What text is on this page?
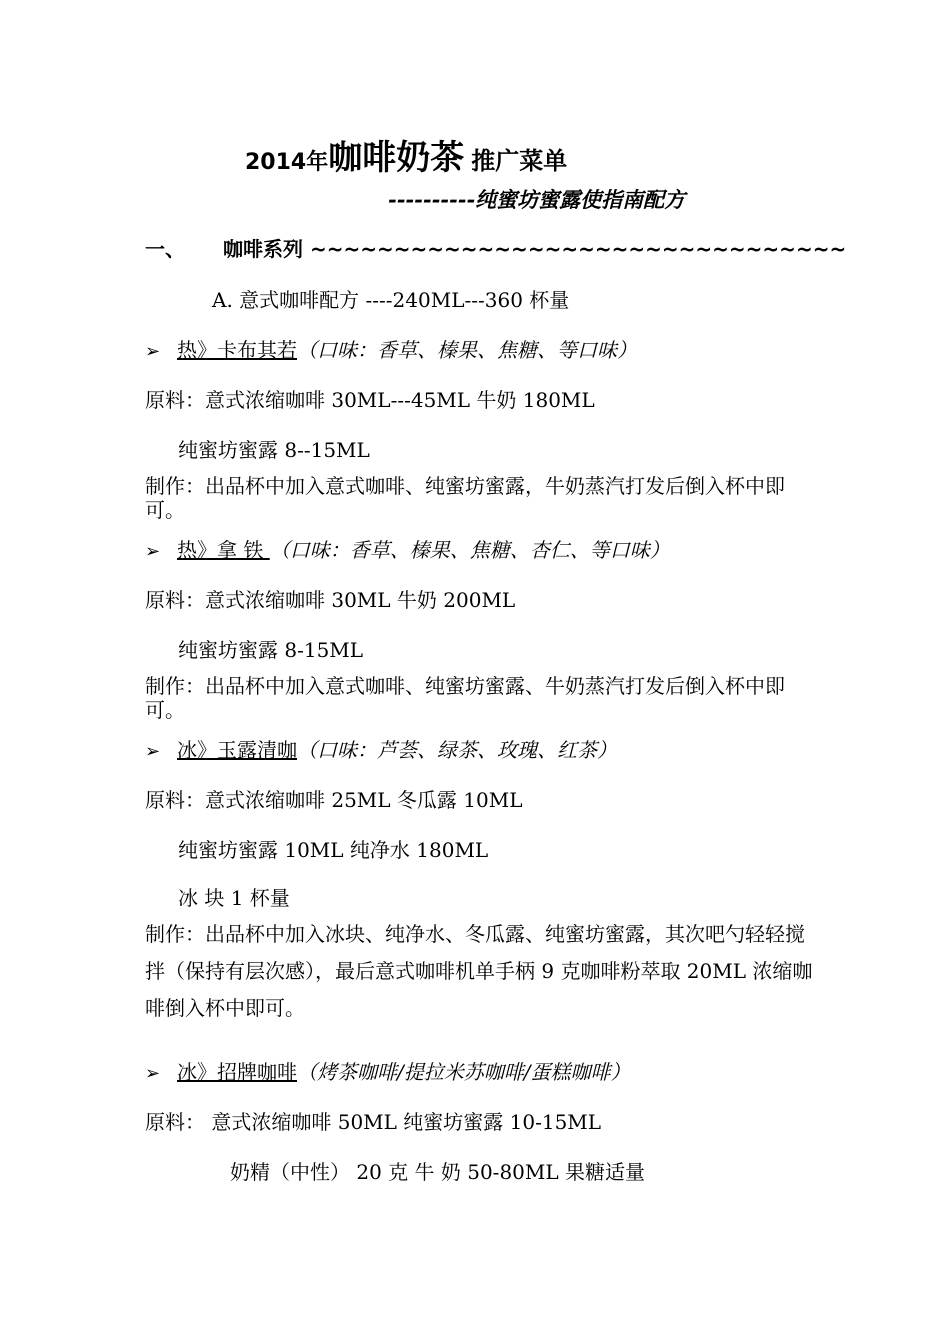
2014年咖啡奶茶 推广菜单
----------纯蜜坊蜜露使指南配方
一、 咖啡系列 ~~~~~~~~~~~~~~~~~~~~~~~~~~~~~~~~
A. 意式咖啡配方 ----240ML---360 杯量
➢ 热》卡布其若（口味：香草、榛果、焦糖、等口味）
原料：意式浓缩咖啡 30ML---45ML 牛奶 180ML
纯蜜坊蜜露 8--15ML
制作：出品杯中加入意式咖啡、纯蜜坊蜜露，牛奶蒸汽打发后倒入杯中即可。
➢ 热》拿 铁 （口味：香草、榛果、焦糖、杏仁、等口味）
原料：意式浓缩咖啡 30ML 牛奶 200ML
纯蜜坊蜜露 8-15ML
制作：出品杯中加入意式咖啡、纯蜜坊蜜露、牛奶蒸汽打发后倒入杯中即可。
➢ 冰》玉露清咖（口味：芦荟、绿茶、玫瑰、红茶）
原料：意式浓缩咖啡 25ML 冬瓜露 10ML
纯蜜坊蜜露 10ML 纯净水 180ML
冰 块 1 杯量
制作：出品杯中加入冰块、纯净水、冬瓜露、纯蜜坊蜜露，其次吧勺轻轻搅拌（保持有层次感），最后意式咖啡机单手柄 9 克咖啡粉萃取 20ML 浓缩咖啡倒入杯中即可。
➢ 冰》招牌咖啡（烤茶咖啡/提拉米苏咖啡/蛋糕咖啡）
原料： 意式浓缩咖啡 50ML 纯蜜坊蜜露 10-15ML
奶精（中性） 20 克 牛 奶 50-80ML 果糖适量
